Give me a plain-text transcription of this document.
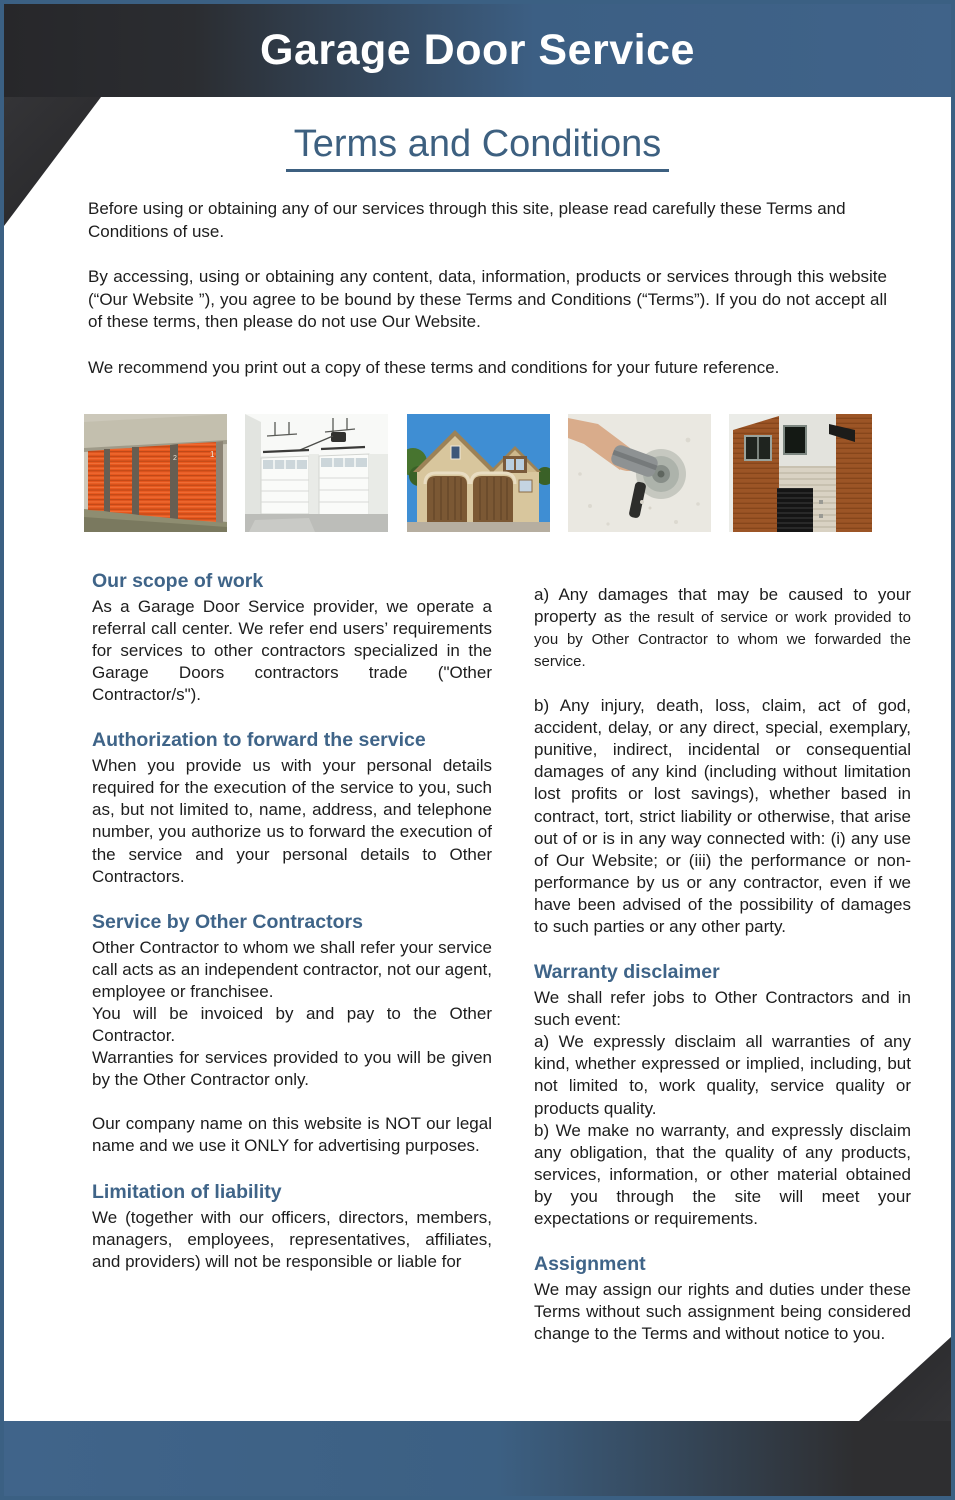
Garage Door Service
Terms and Conditions

Before using or obtaining any of our services through this site, please read carefully these Terms and Conditions of use.

By accessing, using or obtaining any content, data, information, products or services through this website (“Our Website ”), you agree to be bound by these Terms and Conditions (“Terms”). If you do not accept all of these terms, then please do not use Our Website.

We recommend you print out a copy of these terms and conditions for your future reference.

2	1
Our scope of work

As a Garage Door Service provider, we operate a referral call center. We refer end users’ requirements for services to other contractors specialized in the Garage Doors contractors trade ("Other Contractor/s").

Authorization to forward the service

When you provide us with your personal details required for the execution of the service to you, such as, but not limited to, name, address, and telephone number, you authorize us to forward the execution of the service and your personal details to Other Contractors.

Service by Other Contractors

Other Contractor to whom we shall refer your service call acts as an independent contractor, not our agent, employee or franchisee.

You will be invoiced by and pay to the Other Contractor.

Warranties for services provided to you will be given by the Other Contractor only.

Our company name on this website is NOT our legal name and we use it ONLY for advertising purposes.

Limitation of liability

We (together with our officers, directors, members, managers, employees, representatives, affiliates, and providers) will not be responsible or liable for

a) Any damages that may be caused to your property as the result of service or work provided to you by Other Contractor to whom we forwarded the service.

b) Any injury, death, loss, claim, act of god, accident, delay, or any direct, special, exemplary, punitive, indirect, incidental or consequential damages of any kind (including without limitation lost profits or lost savings), whether based in contract, tort, strict liability or otherwise, that arise out of or is in any way connected with: (i) any use of Our Website; or (iii) the performance or non-performance by us or any contractor, even if we have been advised of the possibility of damages to such parties or any other party.

Warranty disclaimer

We shall refer jobs to Other Contractors and in such event:

a) We expressly disclaim all warranties of any kind, whether expressed or implied, including, but not limited to, work quality, service quality or products quality.

b) We make no warranty, and expressly disclaim any obligation, that the quality of any products, services, information, or other material obtained by you through the site will meet your expectations or requirements.

Assignment

We may assign our rights and duties under these Terms without such assignment being considered change to the Terms and without notice to you.
